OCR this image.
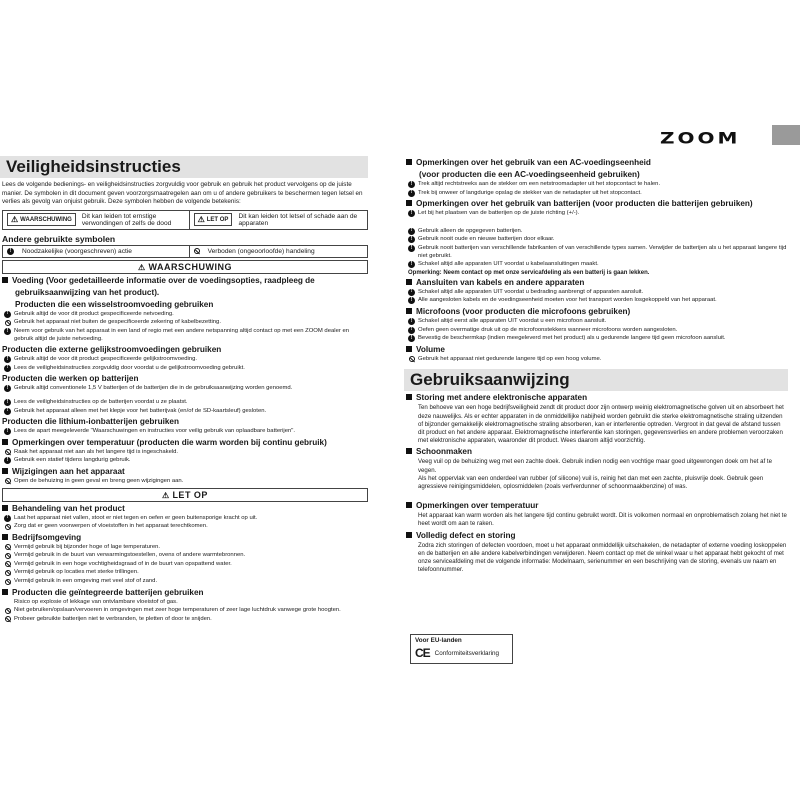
ZOOM
Veiligheidsinstructies
Lees de volgende bedienings- en veiligheidsinstructies zorgvuldig voor gebruik en gebruik het product vervolgens op de juiste manier. De symbolen in dit document geven voorzorgsmaatregelen aan om u of andere gebruikers te beschermen tegen letsel en verlies als gevolg van onjuist gebruik. Deze symbolen hebben de volgende betekenis:
⚠ WAARSCHUWING Dit kan leiden tot ernstige verwondingen of zelfs de dood	⚠ LET OP Dit kan leiden tot letsel of schade aan de apparaten
Andere gebruikte symbolen
!	Noodzakelijke (voorgeschreven) actie	Verboden (ongeoorloofde) handeling
⚠ WAARSCHUWING
Voeding (Voor gedetailleerde informatie over de voedingsopties, raadpleeg de
gebruiksaanwijzing van het product).
Producten die een wisselstroomvoeding gebruiken
! Gebruik altijd de voor dit product gespecificeerde netvoeding.
Gebruik het apparaat niet buiten de gespecificeerde zekering of kabelbezetting.
! Neem voor gebruik van het apparaat in een land of regio met een andere netspanning altijd contact op met een ZOOM dealer en gebruik altijd de juiste netvoeding.
Producten die externe gelijkstroomvoedingen gebruiken
! Gebruik altijd de voor dit product gespecificeerde gelijkstroomvoeding.
! Lees de veiligheidsinstructies zorgvuldig door voordat u de gelijkstroomvoeding gebruikt.
Producten die werken op batterijen
! Gebruik altijd conventionele 1,5 V batterijen of de batterijen die in de gebruiksaanwijzing worden genoemd.
! Lees de veiligheidsinstructies op de batterijen voordat u ze plaatst.
! Gebruik het apparaat alleen met het klepje voor het batterijvak (en/of de SD-kaartsleuf) gesloten.
Producten die lithium-ionbatterijen gebruiken
! Lees de apart meegeleverde "Waarschuwingen en instructies voor veilig gebruik van oplaadbare batterijen".
Opmerkingen over temperatuur (producten die warm worden bij continu gebruik)
Raak het apparaat niet aan als het langere tijd is ingeschakeld.
! Gebruik een statief tijdens langdurig gebruik.
Wijzigingen aan het apparaat
Open de behuizing in geen geval en breng geen wijzigingen aan.
⚠ LET OP
Behandeling van het product
! Laat het apparaat niet vallen, stoot er niet tegen en oefen er geen buitensporige kracht op uit.
Zorg dat er geen voorwerpen of vloeistoffen in het apparaat terechtkomen.
Bedrijfsomgeving
Vermijd gebruik bij bijzonder hoge of lage temperaturen.
Vermijd gebruik in de buurt van verwarmingstoestellen, ovens of andere warmtebronnen.
Vermijd gebruik in een hoge vochtigheidsgraad of in de buurt van opspattend water.
Vermijd gebruik op locaties met sterke trillingen.
Vermijd gebruik in een omgeving met veel stof of zand.
Producten die geïntegreerde batterijen gebruiken
Risico op explosie of lekkage van ontvlambare vloeistof of gas.
Niet gebruiken/opslaan/vervoeren in omgevingen met zeer hoge temperaturen of zeer lage luchtdruk vanwege grote hoogten.
Probeer gebruikte batterijen niet te verbranden, te pletten of door te snijden.
Opmerkingen over het gebruik van een AC-voedingseenheid
(voor producten die een AC-voedingseenheid gebruiken)
! Trek altijd rechtstreeks aan de stekker om een netstroomadapter uit het stopcontact te halen.
! Trek bij onweer of langdurige opslag de stekker van de netadapter uit het stopcontact.
Opmerkingen over het gebruik van batterijen (voor producten die batterijen gebruiken)
! Let bij het plaatsen van de batterijen op de juiste richting (+/-).
! Gebruik alleen de opgegeven batterijen.
! Gebruik nooit oude en nieuwe batterijen door elkaar.
! Gebruik nooit batterijen van verschillende fabrikanten of van verschillende types samen. Verwijder de batterijen als u het apparaat langere tijd niet gebruikt.
! Schakel altijd alle apparaten UIT voordat u kabelaansluitingen maakt.
Opmerking: Neem contact op met onze servicafdeling als een batterij is gaan lekken.
Aansluiten van kabels en andere apparaten
! Schakel altijd alle apparaten UIT voordat u bedrading aanbrengt of apparaten aansluit.
! Alle aangesloten kabels en de voedingseenheid moeten voor het transport worden losgekoppeld van het apparaat.
Microfoons (voor producten die microfoons gebruiken)
! Schakel altijd eerst alle apparaten UIT voordat u een microfoon aansluit.
! Oefen geen overmatige druk uit op de microfoonstekkers wanneer microfoons worden aangesloten.
! Bevestig de beschermkap (indien meegeleverd met het product) als u gedurende langere tijd geen microfoon aansluit.
Volume
Gebruik het apparaat niet gedurende langere tijd op een hoog volume.
Gebruiksaanwijzing
Storing met andere elektronische apparaten
Ten behoeve van een hoge bedrijfsveiligheid zendt dit product door zijn ontwerp weinig elektromagnetische golven uit en absorbeert het deze nauwelijks. Als er echter apparaten in de onmiddellijke nabijheid worden gebruikt die sterke elektromagnetische straling uitzenden of bijzonder gemakkelijk elektromagnetische straling absorberen, kan er interferentie optreden. Vergroot in dat geval de afstand tussen dit product en het andere apparaat. Elektromagnetische interferentie kan storingen, gegevensverlies en andere problemen veroorzaken met elektronische apparaten, waaronder dit product. Wees daarom altijd voorzichtig.
Schoonmaken
Veeg vuil op de behuizing weg met een zachte doek. Gebruik indien nodig een vochtige maar goed uitgewrongen doek om het af te vegen.
Als het oppervlak van een onderdeel van rubber (of silicone) vuil is, reinig het dan met een zachte, pluisvrije doek. Gebruik geen agressieve reinigingsmiddelen, oplosmiddelen (zoals verfverdunner of schoonmaakbenzine) of was.
Opmerkingen over temperatuur
Het apparaat kan warm worden als het langere tijd continu gebruikt wordt. Dit is volkomen normaal en onproblematisch zolang het niet te heet wordt om aan te raken.
Volledig defect en storing
Zodra zich storingen of defecten voordoen, moet u het apparaat onmiddellijk uitschakelen, de netadapter of externe voeding loskoppelen en de batterijen en alle andere kabelverbindingen verwijderen. Neem contact op met de winkel waar u het apparaat hebt gekocht of met onze serviceafdeling met de volgende informatie: Modelnaam, serienummer en een beschrijving van de storing, evenals uw naam en telefoonnummer.
Voor EU-landen
CE Conformiteitsverklaring
